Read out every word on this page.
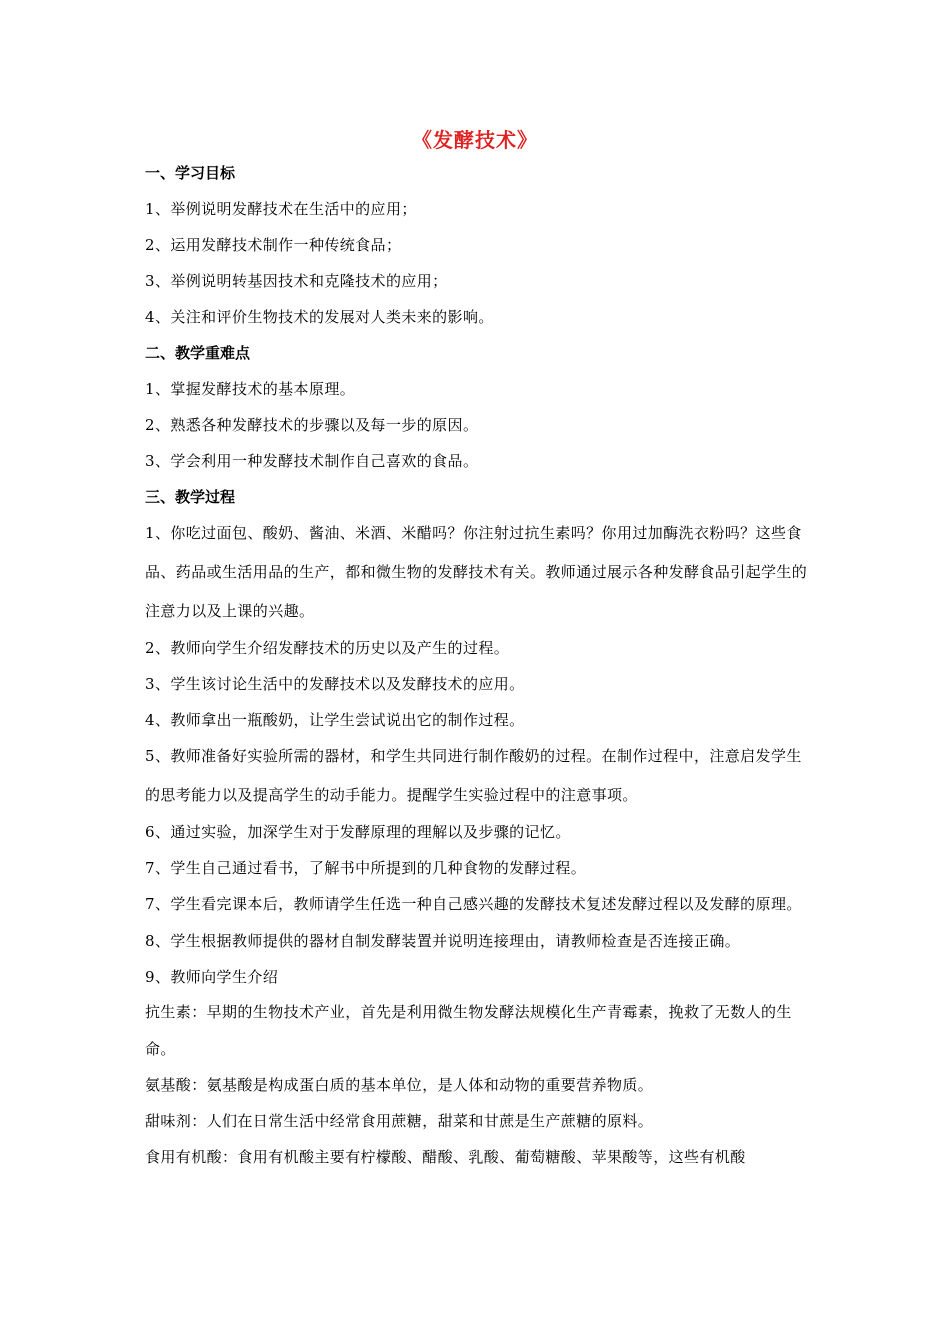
《发酵技术》
一、学习目标
1、举例说明发酵技术在生活中的应用；
2、运用发酵技术制作一种传统食品；
3、举例说明转基因技术和克隆技术的应用；
4、关注和评价生物技术的发展对人类未来的影响。
二、教学重难点
1、掌握发酵技术的基本原理。
2、熟悉各种发酵技术的步骤以及每一步的原因。
3、学会利用一种发酵技术制作自己喜欢的食品。
三、教学过程
1、你吃过面包、酸奶、酱油、米酒、米醋吗？你注射过抗生素吗？你用过加酶洗衣粉吗？这些食品、药品或生活用品的生产，都和微生物的发酵技术有关。教师通过展示各种发酵食品引起学生的注意力以及上课的兴趣。
2、教师向学生介绍发酵技术的历史以及产生的过程。
3、学生该讨论生活中的发酵技术以及发酵技术的应用。
4、教师拿出一瓶酸奶，让学生尝试说出它的制作过程。
5、教师准备好实验所需的器材，和学生共同进行制作酸奶的过程。在制作过程中，注意启发学生的思考能力以及提高学生的动手能力。提醒学生实验过程中的注意事项。
6、通过实验，加深学生对于发酵原理的理解以及步骤的记忆。
7、学生自己通过看书，了解书中所提到的几种食物的发酵过程。
7、学生看完课本后，教师请学生任选一种自己感兴趣的发酵技术复述发酵过程以及发酵的原理。
8、学生根据教师提供的器材自制发酵装置并说明连接理由，请教师检查是否连接正确。
9、教师向学生介绍
抗生素：早期的生物技术产业，首先是利用微生物发酵法规模化生产青霉素，挽救了无数人的生命。
氨基酸：氨基酸是构成蛋白质的基本单位，是人体和动物的重要营养物质。
甜味剂：人们在日常生活中经常食用蔗糖，甜菜和甘蔗是生产蔗糖的原料。
食用有机酸：食用有机酸主要有柠檬酸、醋酸、乳酸、葡萄糖酸、苹果酸等，这些有机酸
